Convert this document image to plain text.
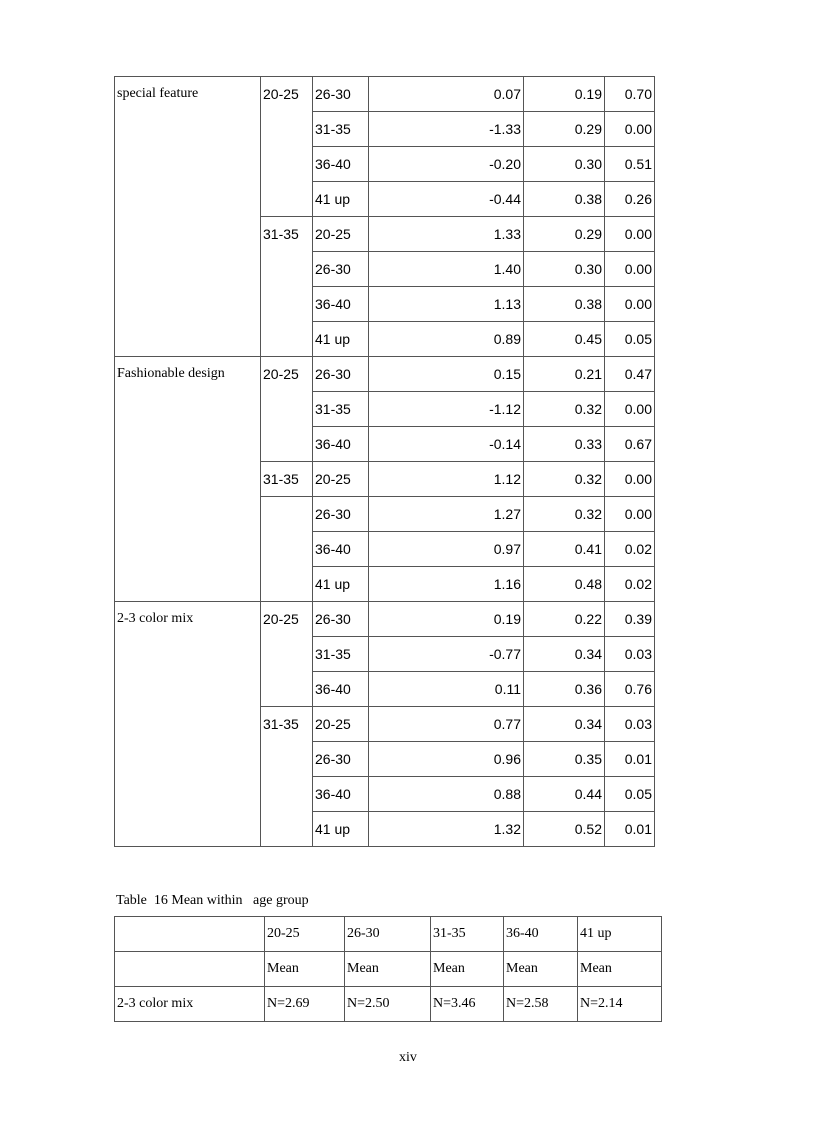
special feature	20-25	26-30	0.07	0.19	0.70
		31-35	-1.33	0.29	0.00
		36-40	-0.20	0.30	0.51
		41 up	-0.44	0.38	0.26
	31-35	20-25	1.33	0.29	0.00
		26-30	1.40	0.30	0.00
		36-40	1.13	0.38	0.00
		41 up	0.89	0.45	0.05
Fashionable design	20-25	26-30	0.15	0.21	0.47
		31-35	-1.12	0.32	0.00
		36-40	-0.14	0.33	0.67
	31-35	20-25	1.12	0.32	0.00
		26-30	1.27	0.32	0.00
		36-40	0.97	0.41	0.02
		41 up	1.16	0.48	0.02
2-3 color mix	20-25	26-30	0.19	0.22	0.39
		31-35	-0.77	0.34	0.03
		36-40	0.11	0.36	0.76
	31-35	20-25	0.77	0.34	0.03
		26-30	0.96	0.35	0.01
		36-40	0.88	0.44	0.05
		41 up	1.32	0.52	0.01
Table  16 Mean within   age group
	20-25	26-30	31-35	36-40	41 up
	Mean	Mean	Mean	Mean	Mean
2-3 color mix	N=2.69	N=2.50	N=3.46	N=2.58	N=2.14
xiv
